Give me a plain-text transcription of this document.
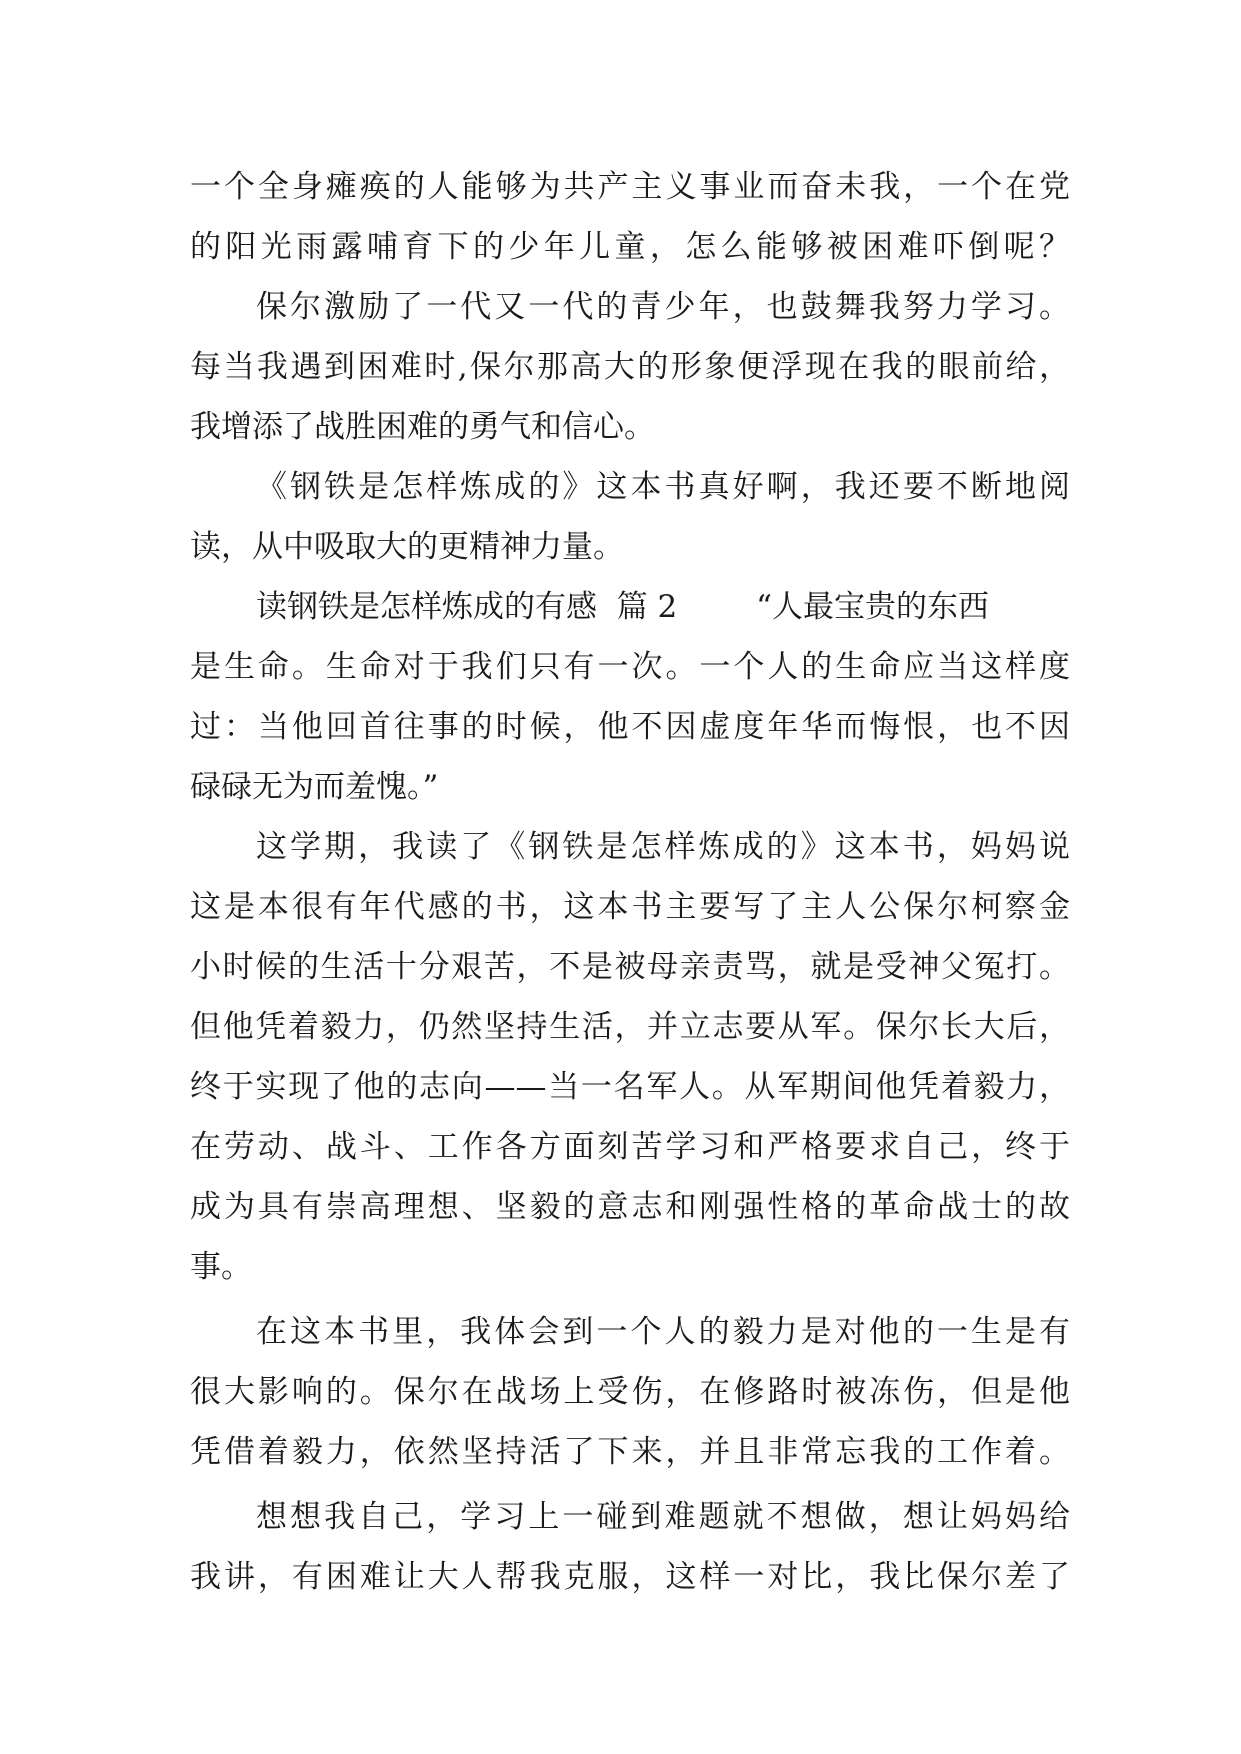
一个全身瘫痪的人能够为共产主义事业而奋未我，一个在党
的阳光雨露哺育下的少年儿童，怎么能够被困难吓倒呢？
保尔激励了一代又一代的青少年，也鼓舞我努力学习。
每当我遇到困难时,保尔那高大的形象便浮现在我的眼前给，
我增添了战胜困难的勇气和信心。
《钢铁是怎样炼成的》这本书真好啊，我还要不断地阅
读，从中吸取大的更精神力量。
读钢铁是怎样炼成的有感  篇 2        “人最宝贵的东西
是生命。生命对于我们只有一次。一个人的生命应当这样度
过：当他回首往事的时候，他不因虚度年华而悔恨，也不因
碌碌无为而羞愧。”
这学期，我读了《钢铁是怎样炼成的》这本书，妈妈说
这是本很有年代感的书，这本书主要写了主人公保尔柯察金
小时候的生活十分艰苦，不是被母亲责骂，就是受神父冤打。
但他凭着毅力，仍然坚持生活，并立志要从军。保尔长大后，
终于实现了他的志向——当一名军人。从军期间他凭着毅力，
在劳动、战斗、工作各方面刻苦学习和严格要求自己，终于
成为具有崇高理想、坚毅的意志和刚强性格的革命战士的故
事。
在这本书里，我体会到一个人的毅力是对他的一生是有
很大影响的。保尔在战场上受伤，在修路时被冻伤，但是他
凭借着毅力，依然坚持活了下来，并且非常忘我的工作着。
想想我自己，学习上一碰到难题就不想做，想让妈妈给
我讲，有困难让大人帮我克服，这样一对比，我比保尔差了
